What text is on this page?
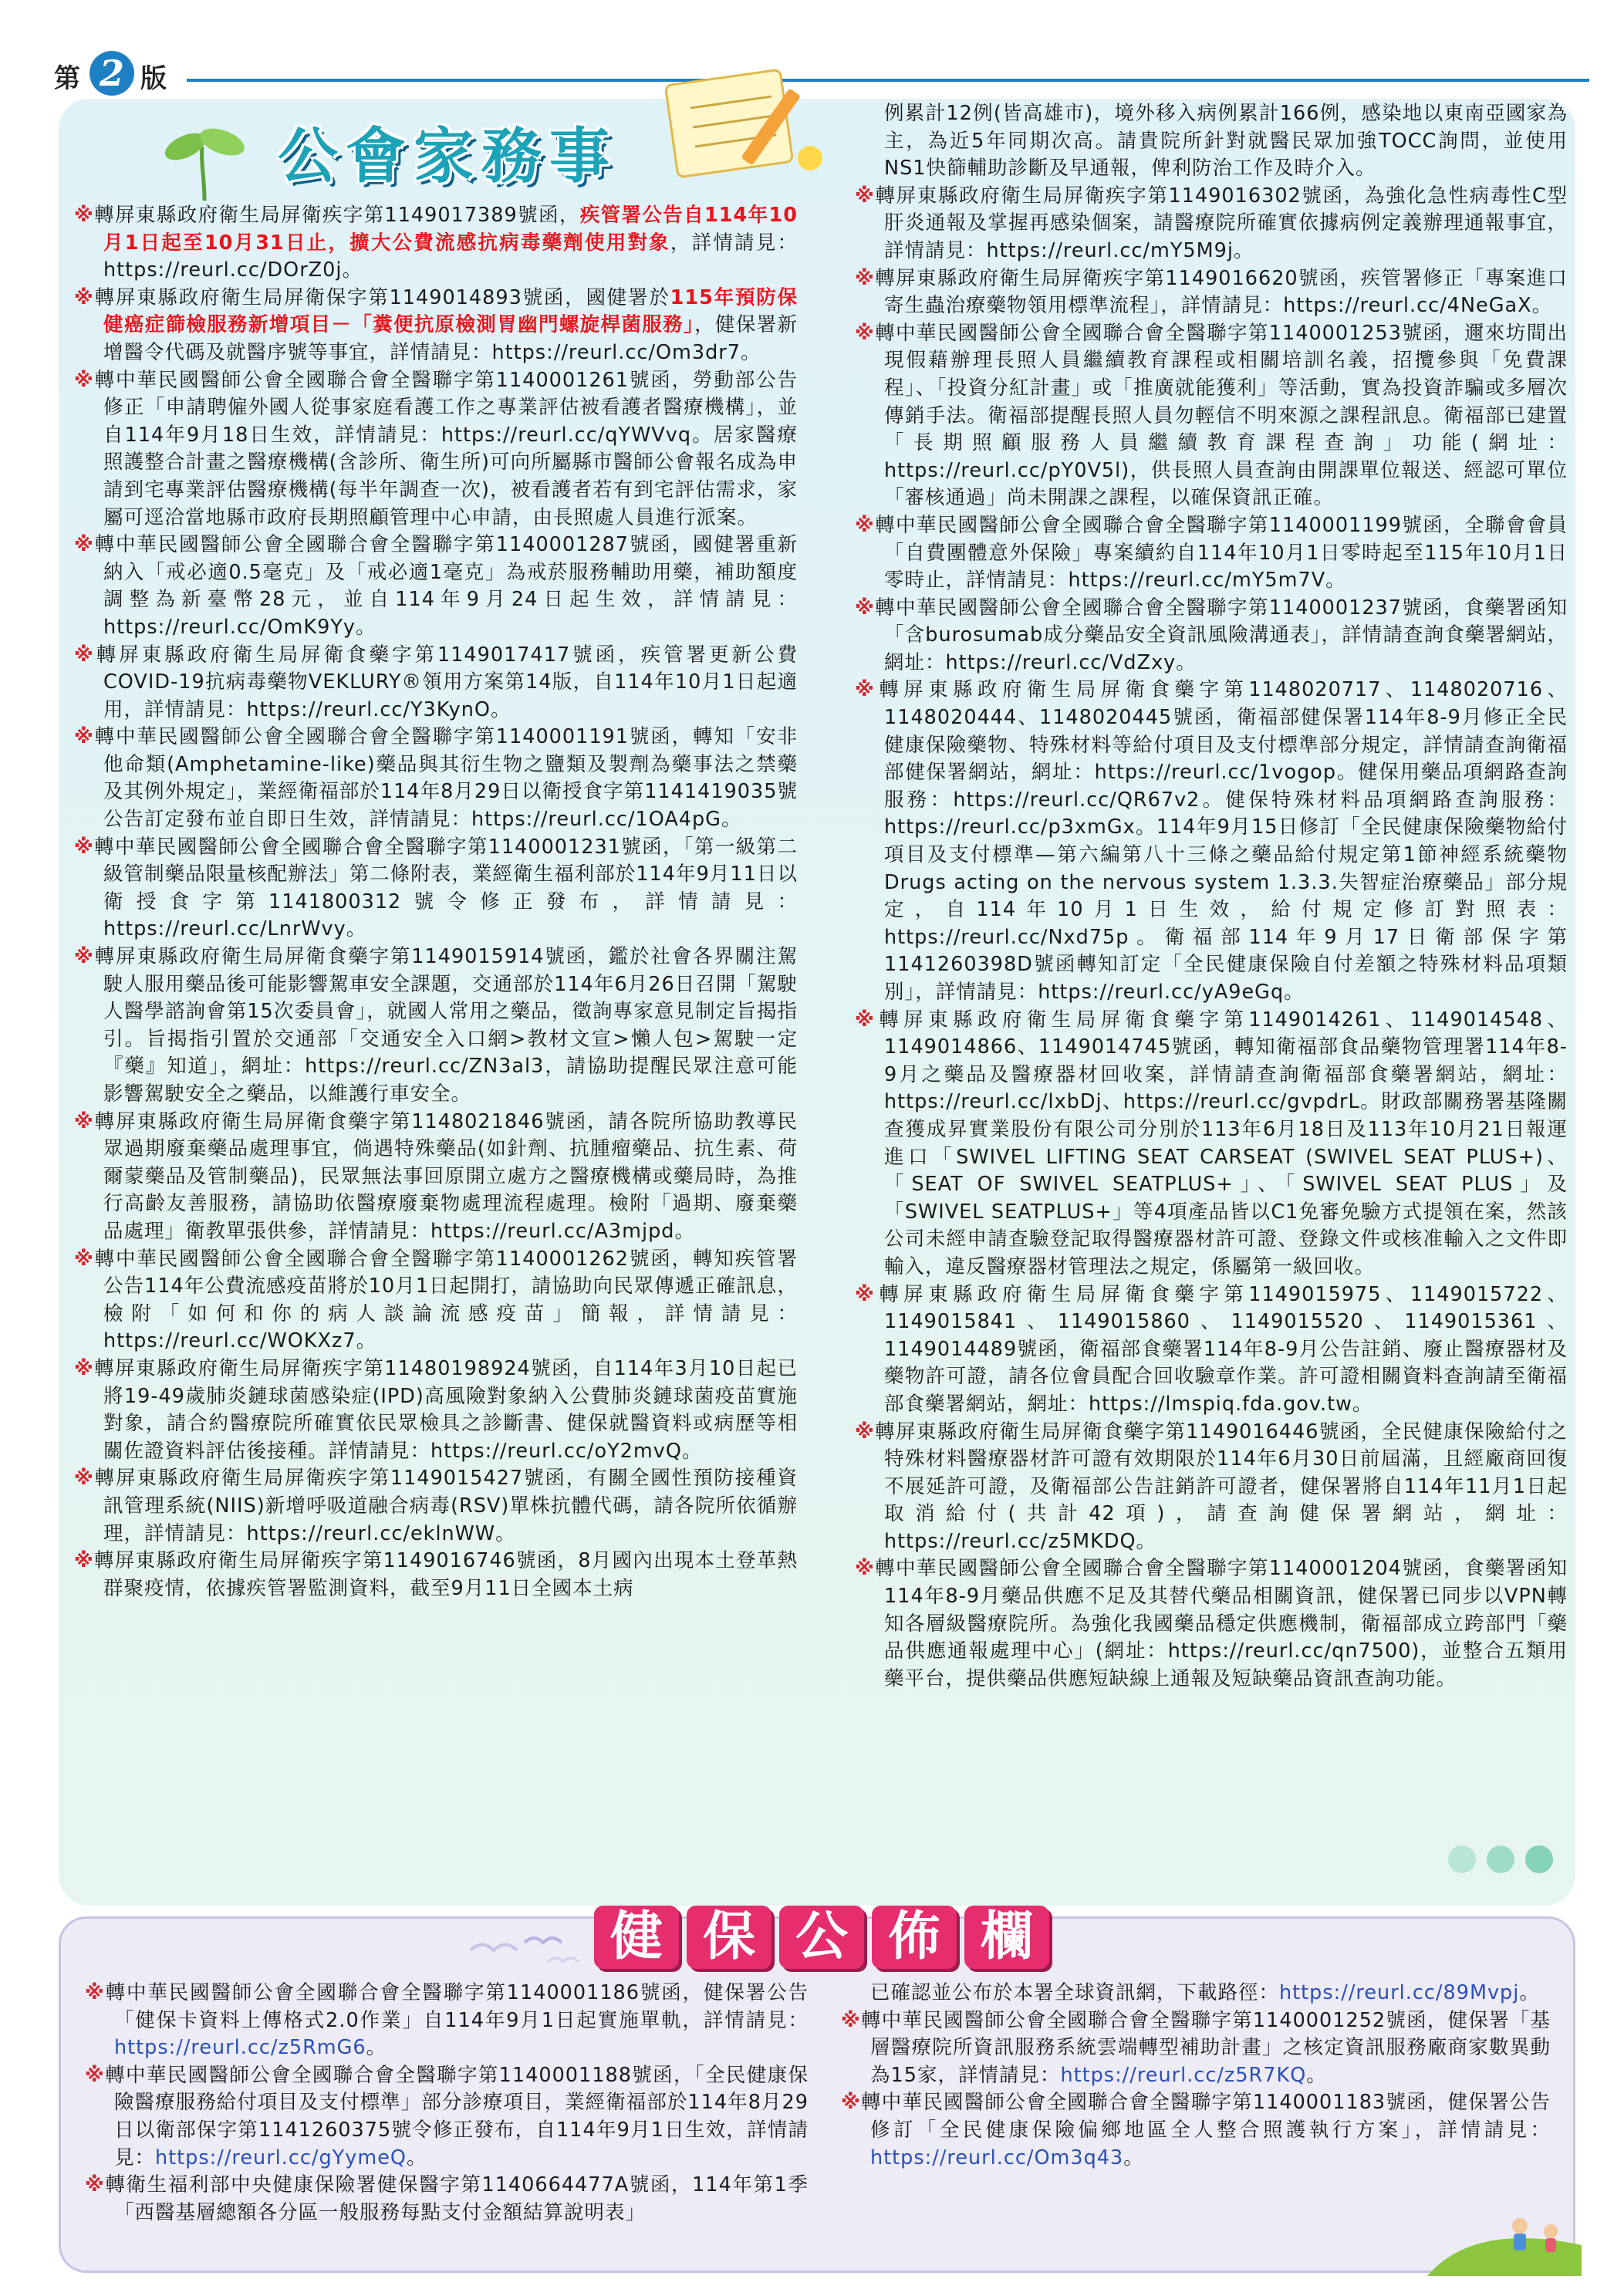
第 2 版
公會家務事
※轉屏東縣政府衛生局屏衛疾字第1149017389號函，疾管署公告自114年10月1日起至10月31日止，擴大公費流感抗病毒藥劑使用對象，詳情請見：https://reurl.cc/DOrZ0j。
※轉屏東縣政府衛生局屏衛保字第1149014893號函，國健署於115年預防保健癌症篩檢服務新增項目－「糞便抗原檢測胃幽門螺旋桿菌服務」，健保署新增醫令代碼及就醫序號等事宜，詳情請見：https://reurl.cc/Om3dr7。
※轉中華民國醫師公會全國聯合會全醫聯字第1140001261號函，勞動部公告修正「申請聘僱外國人從事家庭看護工作之專業評估被看護者醫療機構」，並自114年9月18日生效，詳情請見：https://reurl.cc/qYWVvq。居家醫療照護整合計畫之醫療機構(含診所、衛生所)可向所屬縣市醫師公會報名成為申請到宅專業評估醫療機構(每半年調查一次)，被看護者若有到宅評估需求，家屬可逕洽當地縣市政府長期照顧管理中心申請，由長照處人員進行派案。
※轉中華民國醫師公會全國聯合會全醫聯字第1140001287號函，國健署重新納入「戒必適0.5毫克」及「戒必適1毫克」為戒菸服務輔助用藥，補助額度調整為新臺幣28元，並自114年9月24日起生效，詳情請見：https://reurl.cc/OmK9Yy。
※轉屏東縣政府衛生局屏衛食藥字第1149017417號函，疾管署更新公費COVID-19抗病毒藥物VEKLURY®領用方案第14版，自114年10月1日起適用，詳情請見：https://reurl.cc/Y3KynO。
※轉中華民國醫師公會全國聯合會全醫聯字第1140001191號函，轉知「安非他命類(Amphetamine-like)藥品與其衍生物之鹽類及製劑為藥事法之禁藥及其例外規定」，業經衛福部於114年8月29日以衛授食字第1141419035號公告訂定發布並自即日生效，詳情請見：https://reurl.cc/1OA4pG。
※轉中華民國醫師公會全國聯合會全醫聯字第1140001231號函，「第一級第二級管制藥品限量核配辦法」第二條附表，業經衛生福利部於114年9月11日以衛授食字第1141800312號令修正發布，詳情請見：https://reurl.cc/LnrWvy。
※轉屏東縣政府衛生局屏衛食藥字第1149015914號函，鑑於社會各界關注駕駛人服用藥品後可能影響駕車安全課題，交通部於114年6月26日召開「駕駛人醫學諮詢會第15次委員會」，就國人常用之藥品，徵詢專家意見制定旨揭指引。旨揭指引置於交通部「交通安全入口網>教材文宣>懶人包>駕駛一定『藥』知道」，網址：https://reurl.cc/ZN3al3，請協助提醒民眾注意可能影響駕駛安全之藥品，以維護行車安全。
※轉屏東縣政府衛生局屏衛食藥字第1148021846號函，請各院所協助教導民眾過期廢棄藥品處理事宜，倘遇特殊藥品(如針劑、抗腫瘤藥品、抗生素、荷爾蒙藥品及管制藥品)，民眾無法事回原開立處方之醫療機構或藥局時，為推行高齡友善服務，請協助依醫療廢棄物處理流程處理。檢附「過期、廢棄藥品處理」衛教單張供參，詳情請見：https://reurl.cc/A3mjpd。
※轉中華民國醫師公會全國聯合會全醫聯字第1140001262號函，轉知疾管署公告114年公費流感疫苗將於10月1日起開打，請協助向民眾傳遞正確訊息，檢附「如何和你的病人談論流感疫苗」簡報，詳情請見：https://reurl.cc/WOKXz7。
※轉屏東縣政府衛生局屏衛疾字第11480198924號函，自114年3月10日起已將19-49歲肺炎鏈球菌感染症(IPD)高風險對象納入公費肺炎鏈球菌疫苗實施對象，請合約醫療院所確實依民眾檢具之診斷書、健保就醫資料或病歷等相關佐證資料評估後接種。詳情請見：https://reurl.cc/oY2mvQ。
※轉屏東縣政府衛生局屏衛疾字第1149015427號函，有關全國性預防接種資訊管理系統(NIIS)新增呼吸道融合病毒(RSV)單株抗體代碼，請各院所依循辦理，詳情請見：https://reurl.cc/eklnWW。
※轉屏東縣政府衛生局屏衛疾字第1149016746號函，8月國內出現本土登革熱群聚疫情，依據疾管署監測資料，截至9月11日全國本土病
例累計12例(皆高雄市)，境外移入病例累計166例，感染地以東南亞國家為主，為近5年同期次高。請貴院所針對就醫民眾加強TOCC詢問，並使用NS1快篩輔助診斷及早通報，俾利防治工作及時介入。
※轉屏東縣政府衛生局屏衛疾字第1149016302號函，為強化急性病毒性C型肝炎通報及掌握再感染個案，請醫療院所確實依據病例定義辦理通報事宜，詳情請見：https://reurl.cc/mY5M9j。
※轉屏東縣政府衛生局屏衛疾字第1149016620號函，疾管署修正「專案進口寄生蟲治療藥物領用標準流程」，詳情請見：https://reurl.cc/4NeGaX。
※轉中華民國醫師公會全國聯合會全醫聯字第1140001253號函，邇來坊間出現假藉辦理長照人員繼續教育課程或相關培訓名義，招攬參與「免費課程」、「投資分紅計畫」或「推廣就能獲利」等活動，實為投資詐騙或多層次傳銷手法。衛福部提醒長照人員勿輕信不明來源之課程訊息。衛福部已建置「長期照顧服務人員繼續教育課程查詢」功能(網址：https://reurl.cc/pY0V5l)，供長照人員查詢由開課單位報送、經認可單位「審核通過」尚未開課之課程，以確保資訊正確。
※轉中華民國醫師公會全國聯合會全醫聯字第1140001199號函，全聯會會員「自費團體意外保險」專案續約自114年10月1日零時起至115年10月1日零時止，詳情請見：https://reurl.cc/mY5m7V。
※轉中華民國醫師公會全國聯合會全醫聯字第1140001237號函，食藥署函知「含burosumab成分藥品安全資訊風險溝通表」，詳情請查詢食藥署網站，網址：https://reurl.cc/VdZxy。
※轉屏東縣政府衛生局屏衛食藥字第1148020717、1148020716、1148020444、1148020445號函，衛福部健保署114年8-9月修正全民健康保險藥物、特殊材料等給付項目及支付標準部分規定，詳情請查詢衛福部健保署網站，網址：https://reurl.cc/1vogop。健保用藥品項網路查詢服務：https://reurl.cc/QR67v2。健保特殊材料品項網路查詢服務：https://reurl.cc/p3xmGx。114年9月15日修訂「全民健康保險藥物給付項目及支付標準—第六編第八十三條之藥品給付規定第1節神經系統藥物 Drugs acting on the nervous system 1.3.3.失智症治療藥品」部分規定，自114年10月1日生效，給付規定修訂對照表：https://reurl.cc/Nxd75p。衛福部114年9月17日衛部保字第1141260398D號函轉知訂定「全民健康保險自付差額之特殊材料品項類別」，詳情請見：https://reurl.cc/yA9eGq。
※轉屏東縣政府衛生局屏衛食藥字第1149014261、1149014548、1149014866、1149014745號函，轉知衛福部食品藥物管理署114年8-9月之藥品及醫療器材回收案，詳情請查詢衛福部食藥署網站，網址：https://reurl.cc/lxbDj、https://reurl.cc/gvpdrL。財政部關務署基隆關查獲成昇實業股份有限公司分別於113年6月18日及113年10月21日報運進口「SWIVEL LIFTING SEAT CARSEAT (SWIVEL SEAT PLUS+)、「SEAT OF SWIVEL SEATPLUS+」、「SWIVEL SEAT PLUS」及「SWIVEL SEATPLUS+」等4項產品皆以C1免審免驗方式提領在案，然該公司未經申請查驗登記取得醫療器材許可證、登錄文件或核准輸入之文件即輸入，違反醫療器材管理法之規定，係屬第一級回收。
※轉屏東縣政府衛生局屏衛食藥字第1149015975、1149015722、1149015841、1149015860、1149015520、1149015361、1149014489號函，衛福部食藥署114年8-9月公告註銷、廢止醫療器材及藥物許可證，請各位會員配合回收驗章作業。許可證相關資料查詢請至衛福部食藥署網站，網址：https://lmspiq.fda.gov.tw。
※轉屏東縣政府衛生局屏衛食藥字第1149016446號函，全民健康保險給付之特殊材料醫療器材許可證有效期限於114年6月30日前屆滿，且經廠商回復不展延許可證，及衛福部公告註銷許可證者，健保署將自114年11月1日起取消給付(共計42項)，請查詢健保署網站，網址：https://reurl.cc/z5MKDQ。
※轉中華民國醫師公會全國聯合會全醫聯字第1140001204號函，食藥署函知114年8-9月藥品供應不足及其替代藥品相關資訊，健保署已同步以VPN轉知各層級醫療院所。為強化我國藥品穩定供應機制，衛福部成立跨部門「藥品供應通報處理中心」(網址：https://reurl.cc/qn7500)，並整合五類用藥平台，提供藥品供應短缺線上通報及短缺藥品資訊查詢功能。
健 保 公 佈 欄
※轉中華民國醫師公會全國聯合會全醫聯字第1140001186號函，健保署公告「健保卡資料上傳格式2.0作業」自114年9月1日起實施單軌，詳情請見：https://reurl.cc/z5RmG6。
※轉中華民國醫師公會全國聯合會全醫聯字第1140001188號函，「全民健康保險醫療服務給付項目及支付標準」部分診療項目，業經衛福部於114年8月29日以衛部保字第1141260375號令修正發布，自114年9月1日生效，詳情請見：https://reurl.cc/gYymeQ。
※轉衛生福利部中央健康保險署健保醫字第1140664477A號函，114年第1季「西醫基層總額各分區一般服務每點支付金額結算說明表」
已確認並公布於本署全球資訊網，下載路徑：https://reurl.cc/89Mvpj。
※轉中華民國醫師公會全國聯合會全醫聯字第1140001252號函，健保署「基層醫療院所資訊服務系統雲端轉型補助計畫」之核定資訊服務廠商家數異動為15家，詳情請見：https://reurl.cc/z5R7KQ。
※轉中華民國醫師公會全國聯合會全醫聯字第1140001183號函，健保署公告修訂「全民健康保險偏鄉地區全人整合照護執行方案」，詳情請見：https://reurl.cc/Om3q43。
